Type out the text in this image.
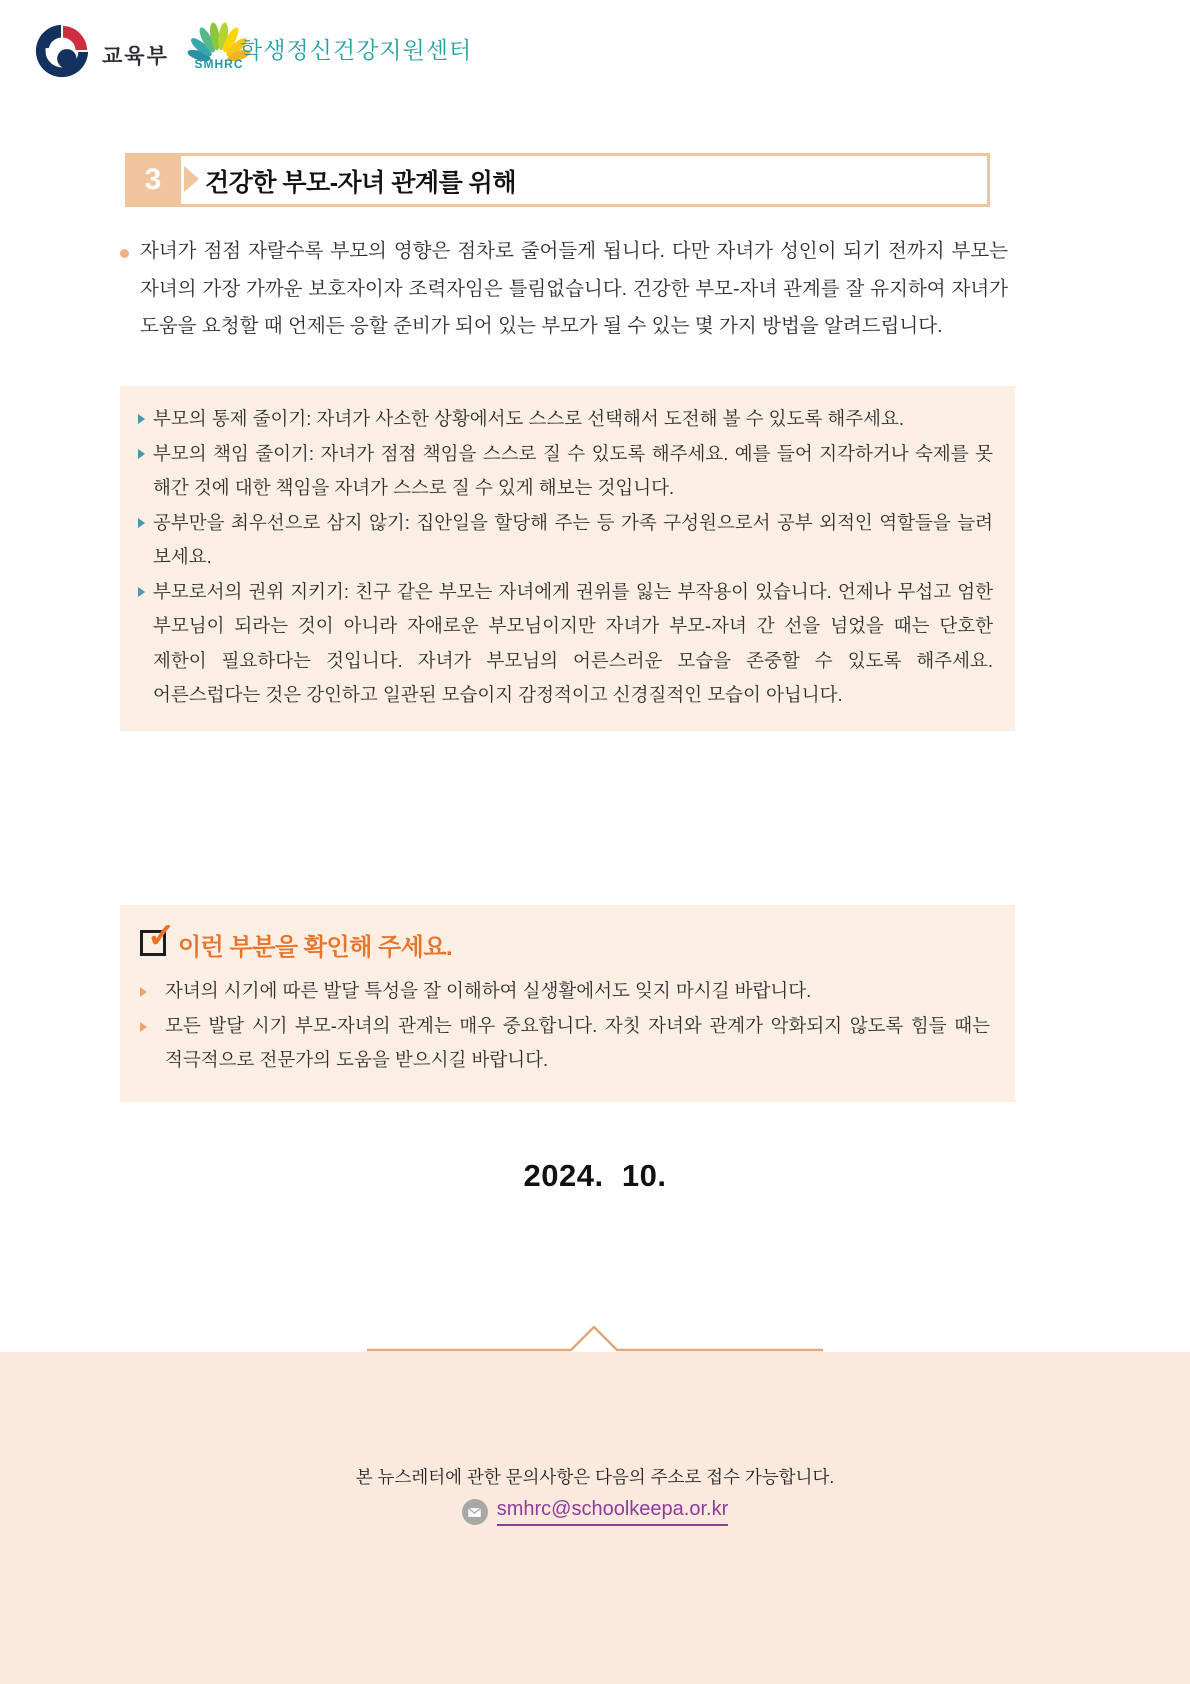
교육부	SMHRC
학생정신건강지원센터
3	건강한 부모-자녀 관계를 위해
자녀가 점점 자랄수록 부모의 영향은 점차로 줄어들게 됩니다. 다만 자녀가 성인이 되기 전까지 부모는 자녀의 가장 가까운 보호자이자 조력자임은 틀림없습니다. 건강한 부모-자녀 관계를 잘 유지하여 자녀가 도움을 요청할 때 언제든 응할 준비가 되어 있는 부모가 될 수 있는 몇 가지 방법을 알려드립니다.
부모의 통제 줄이기: 자녀가 사소한 상황에서도 스스로 선택해서 도전해 볼 수 있도록 해주세요.
부모의 책임 줄이기: 자녀가 점점 책임을 스스로 질 수 있도록 해주세요. 예를 들어 지각하거나 숙제를 못 해간 것에 대한 책임을 자녀가 스스로 질 수 있게 해보는 것입니다.
공부만을 최우선으로 삼지 않기: 집안일을 할당해 주는 등 가족 구성원으로서 공부 외적인 역할들을 늘려 보세요.
부모로서의 권위 지키기: 친구 같은 부모는 자녀에게 권위를 잃는 부작용이 있습니다. 언제나 무섭고 엄한 부모님이 되라는 것이 아니라 자애로운 부모님이지만 자녀가 부모-자녀 간 선을 넘었을 때는 단호한 제한이 필요하다는 것입니다. 자녀가 부모님의 어른스러운 모습을 존중할 수 있도록 해주세요. 어른스럽다는 것은 강인하고 일관된 모습이지 감정적이고 신경질적인 모습이 아닙니다.
✓ 이런 부분을 확인해 주세요.
자녀의 시기에 따른 발달 특성을 잘 이해하여 실생활에서도 잊지 마시길 바랍니다.
모든 발달 시기 부모-자녀의 관계는 매우 중요합니다. 자칫 자녀와 관계가 악화되지 않도록 힘들 때는 적극적으로 전문가의 도움을 받으시길 바랍니다.
2024.  10.
본 뉴스레터에 관한 문의사항은 다음의 주소로 접수 가능합니다.
smhrc@schoolkeepa.or.kr
